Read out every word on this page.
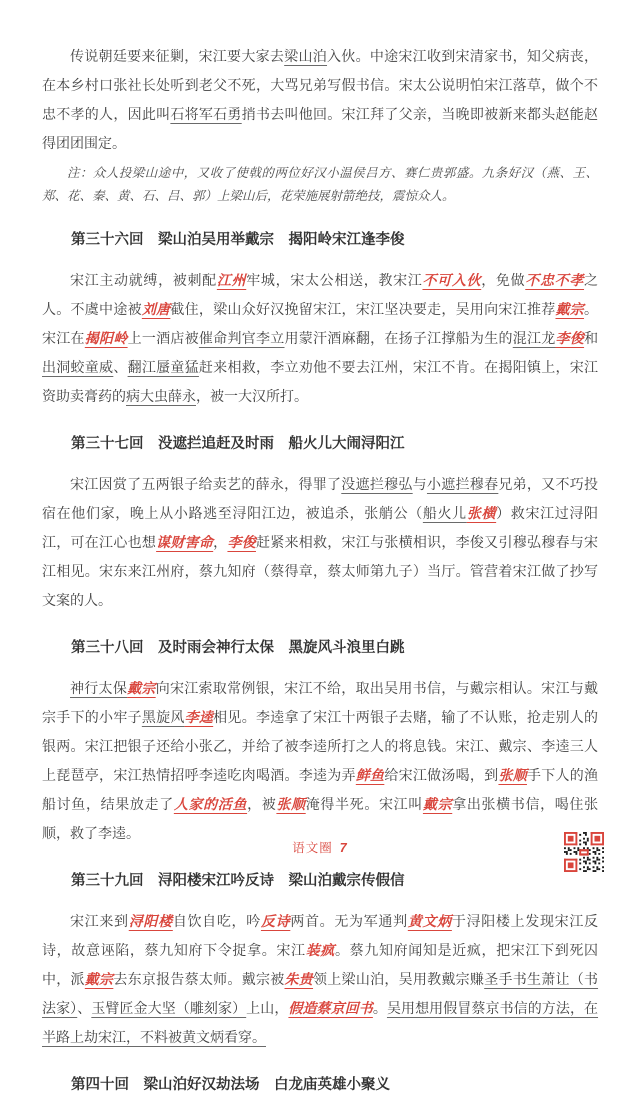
传说朝廷要来征剿，宋江要大家去梁山泊入伙。中途宋江收到宋清家书，知父病丧，在本乡村口张社长处听到老父不死，大骂兄弟写假书信。宋太公说明怕宋江落草，做个不忠不孝的人，因此叫石将军石勇捎书去叫他回。宋江拜了父亲，当晚即被新来都头赵能赵得团团围定。

注：众人投梁山途中，又收了使戟的两位好汉小温侯吕方、赛仁贵郭盛。九条好汉（燕、王、郑、花、秦、黄、石、吕、郭）上梁山后，花荣施展射箭绝技，震惊众人。

第三十六回　梁山泊吴用举戴宗　揭阳岭宋江逢李俊

宋江主动就缚，被刺配江州牢城，宋太公相送，教宋江不可入伙，免做不忠不孝之人。不虞中途被刘唐截住，梁山众好汉挽留宋江，宋江坚决要走，吴用向宋江推荐戴宗。宋江在揭阳岭上一酒店被催命判官李立用蒙汗酒麻翻，在扬子江撑船为生的混江龙李俊和出洞蛟童威、翻江蜃童猛赶来相救，李立劝他不要去江州，宋江不肯。在揭阳镇上，宋江资助卖膏药的病大虫薛永，被一大汉所打。

第三十七回　没遮拦追赶及时雨　船火儿大闹浔阳江

宋江因赏了五两银子给卖艺的薛永，得罪了没遮拦穆弘与小遮拦穆春兄弟，又不巧投宿在他们家，晚上从小路逃至浔阳江边，被追杀，张艄公（船火儿张横）救宋江过浔阳江，可在江心也想谋财害命，李俊赶紧来相救，宋江与张横相识，李俊又引穆弘穆春与宋江相见。宋东来江州府，蔡九知府（蔡得章，蔡太师第九子）当厅。管营着宋江做了抄写文案的人。

第三十八回　及时雨会神行太保　黑旋风斗浪里白跳

神行太保戴宗向宋江索取常例银，宋江不给，取出吴用书信，与戴宗相认。宋江与戴宗手下的小牢子黑旋风李逵相见。李逵拿了宋江十两银子去赌，输了不认账，抢走别人的银两。宋江把银子还给小张乙，并给了被李逵所打之人的将息钱。宋江、戴宗、李逵三人上琵琶亭，宋江热情招呼李逵吃肉喝酒。李逵为弄鲜鱼给宋江做汤喝，到张顺手下人的渔船讨鱼，结果放走了人家的活鱼，被张顺淹得半死。宋江叫戴宗拿出张横书信，喝住张顺，救了李逵。

第三十九回　浔阳楼宋江吟反诗　梁山泊戴宗传假信

宋江来到浔阳楼自饮自吃，吟反诗两首。无为军通判黄文炳于浔阳楼上发现宋江反诗，故意诬陷，蔡九知府下令捉拿。宋江装疯。蔡九知府闻知是近疯，把宋江下到死囚中，派戴宗去东京报告蔡太师。戴宗被朱贵领上梁山泊，吴用教戴宗赚圣手书生萧让（书法家）、玉臂匠金大坚（雕刻家）上山，假造蔡京回书。吴用想用假冒蔡京书信的方法，在半路上劫宋江，不料被黄文炳看穿。

第四十回　梁山泊好汉劫法场　白龙庙英雄小聚义
语文圈 7
